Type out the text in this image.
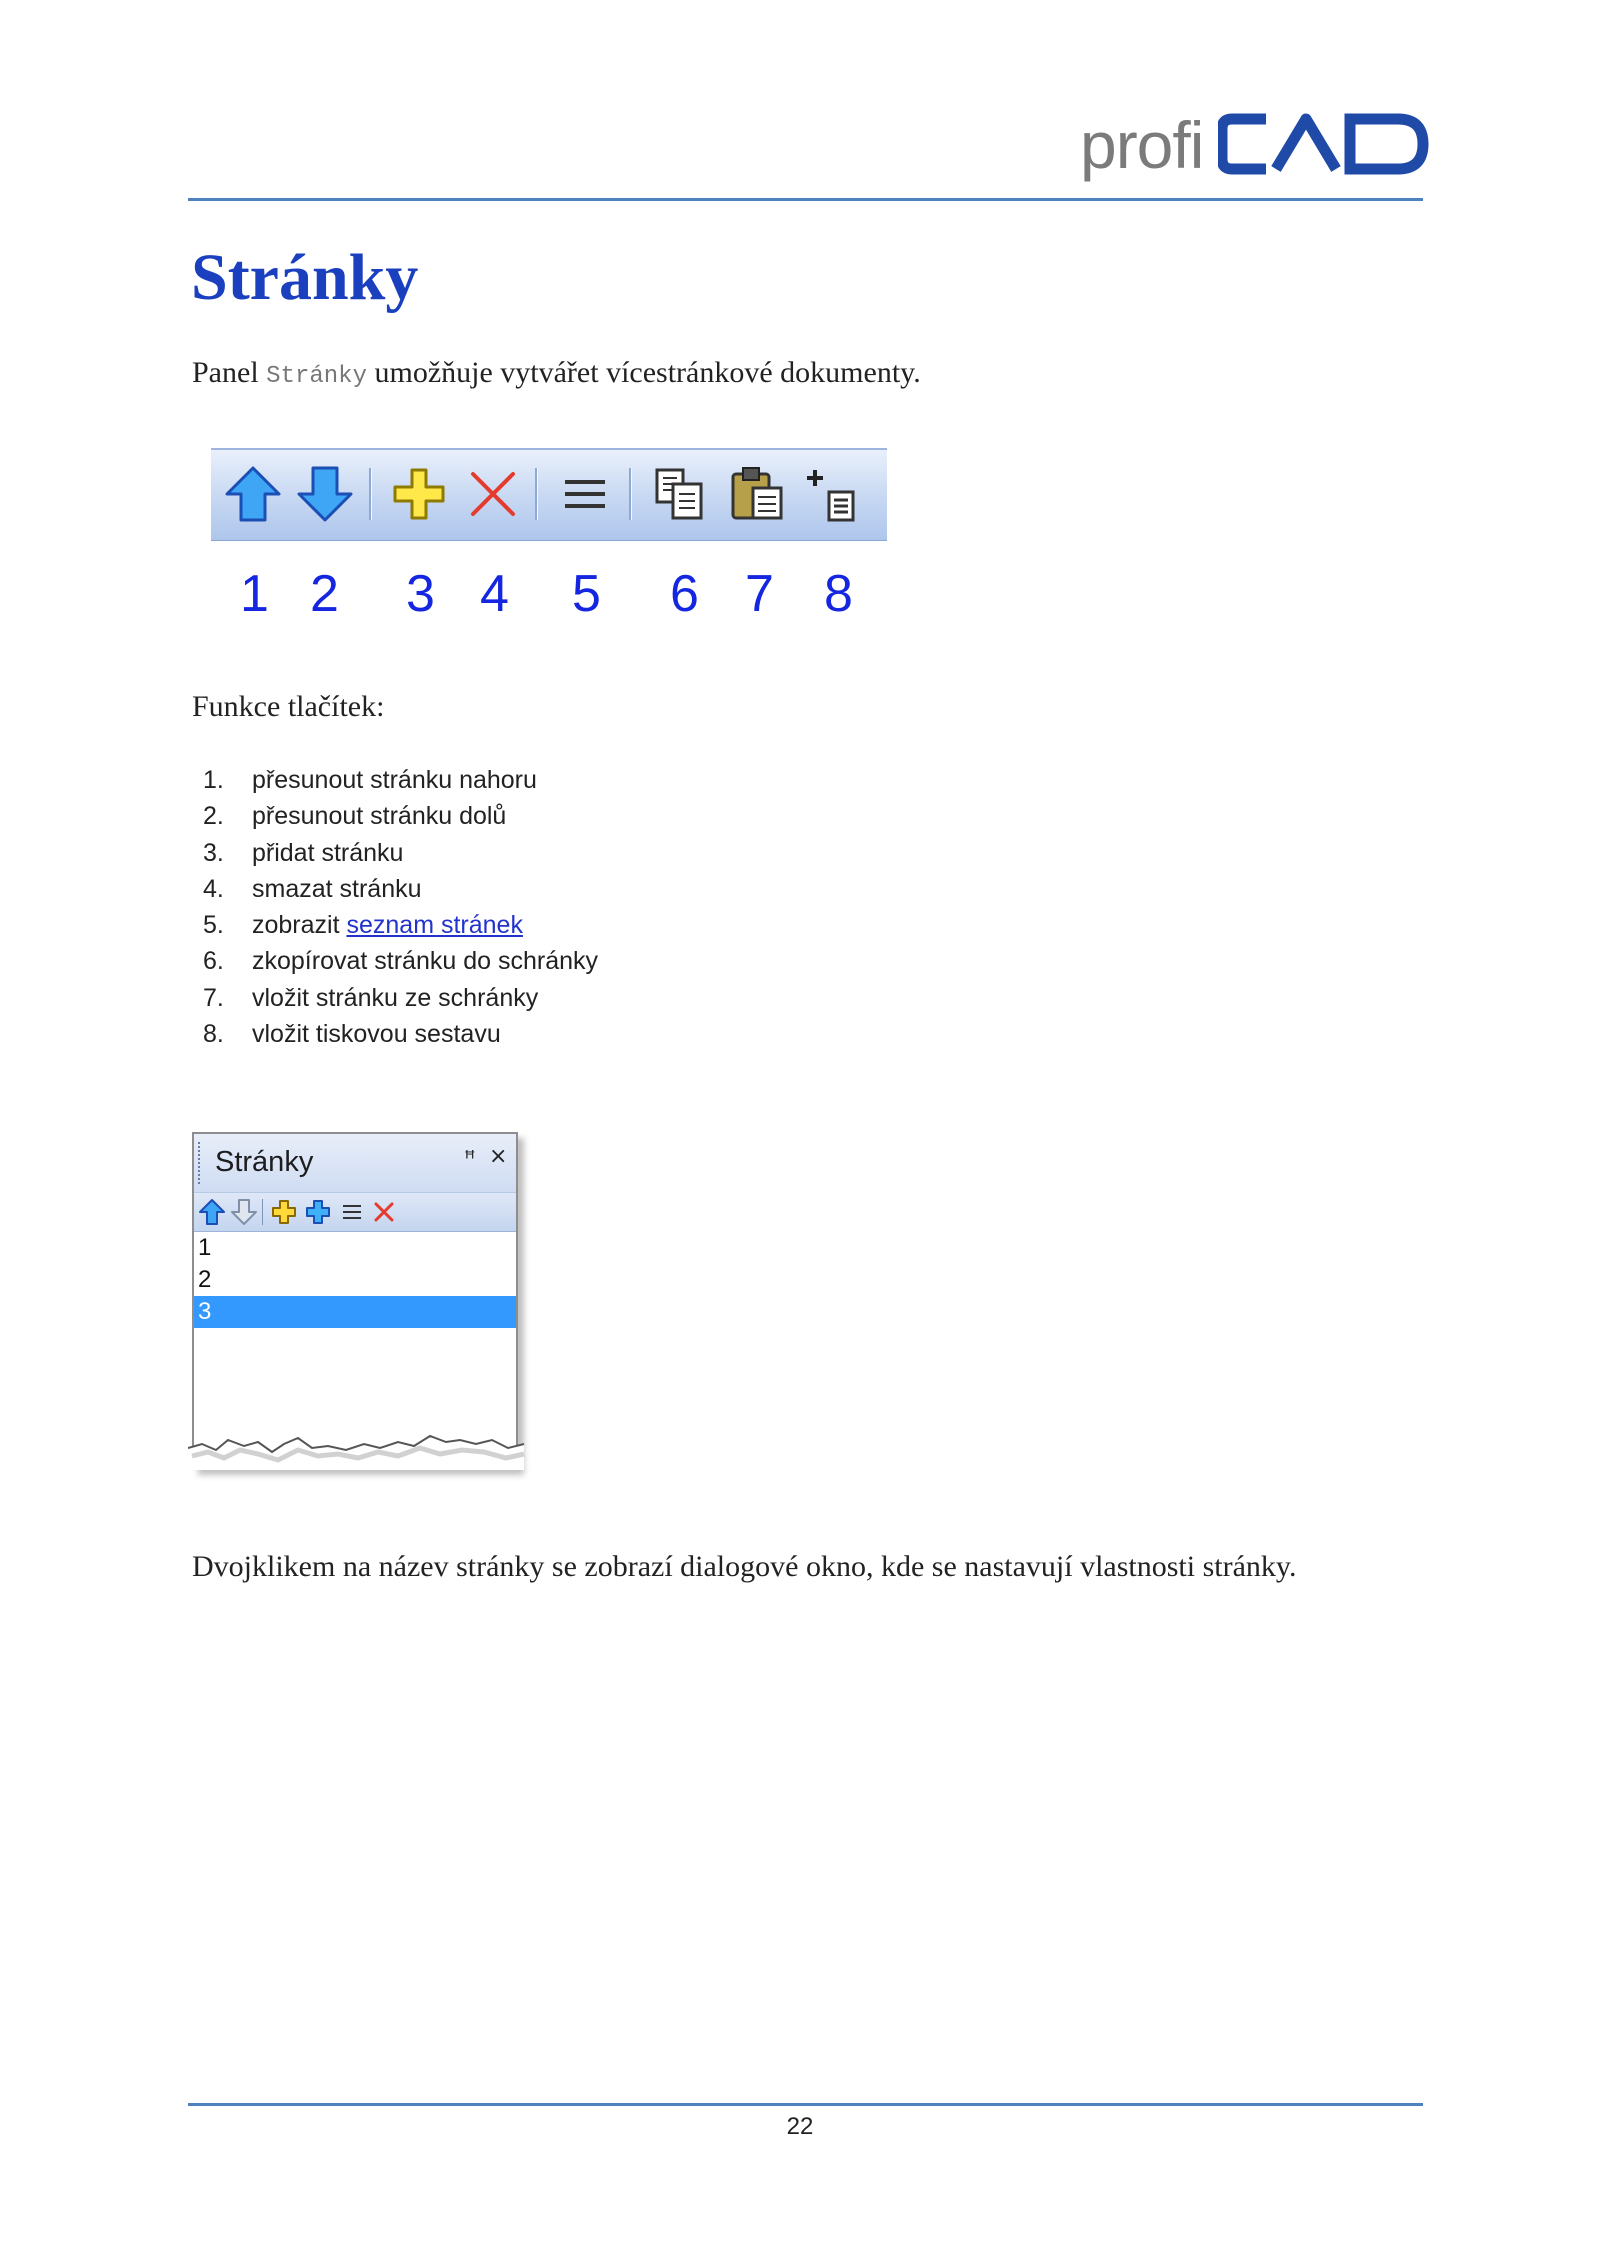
profi
Stránky

Panel Stránky umožňuje vytvářet vícestránkové dokumenty.

1 2 3 4 5 6 7 8

Funkce tlačítek:

1. přesunout stránku nahoru
2. přesunout stránku dolů
3. přidat stránku
4. smazat stránku
5. zobrazit seznam stránek
6. zkopírovat stránku do schránky
7. vložit stránku ze schránky
8. vložit tiskovou sestavu
Stránky	ꟸ ×
1
2
3

Dvojklikem na název stránky se zobrazí dialogové okno, kde se nastavují vlastnosti stránky.

22
